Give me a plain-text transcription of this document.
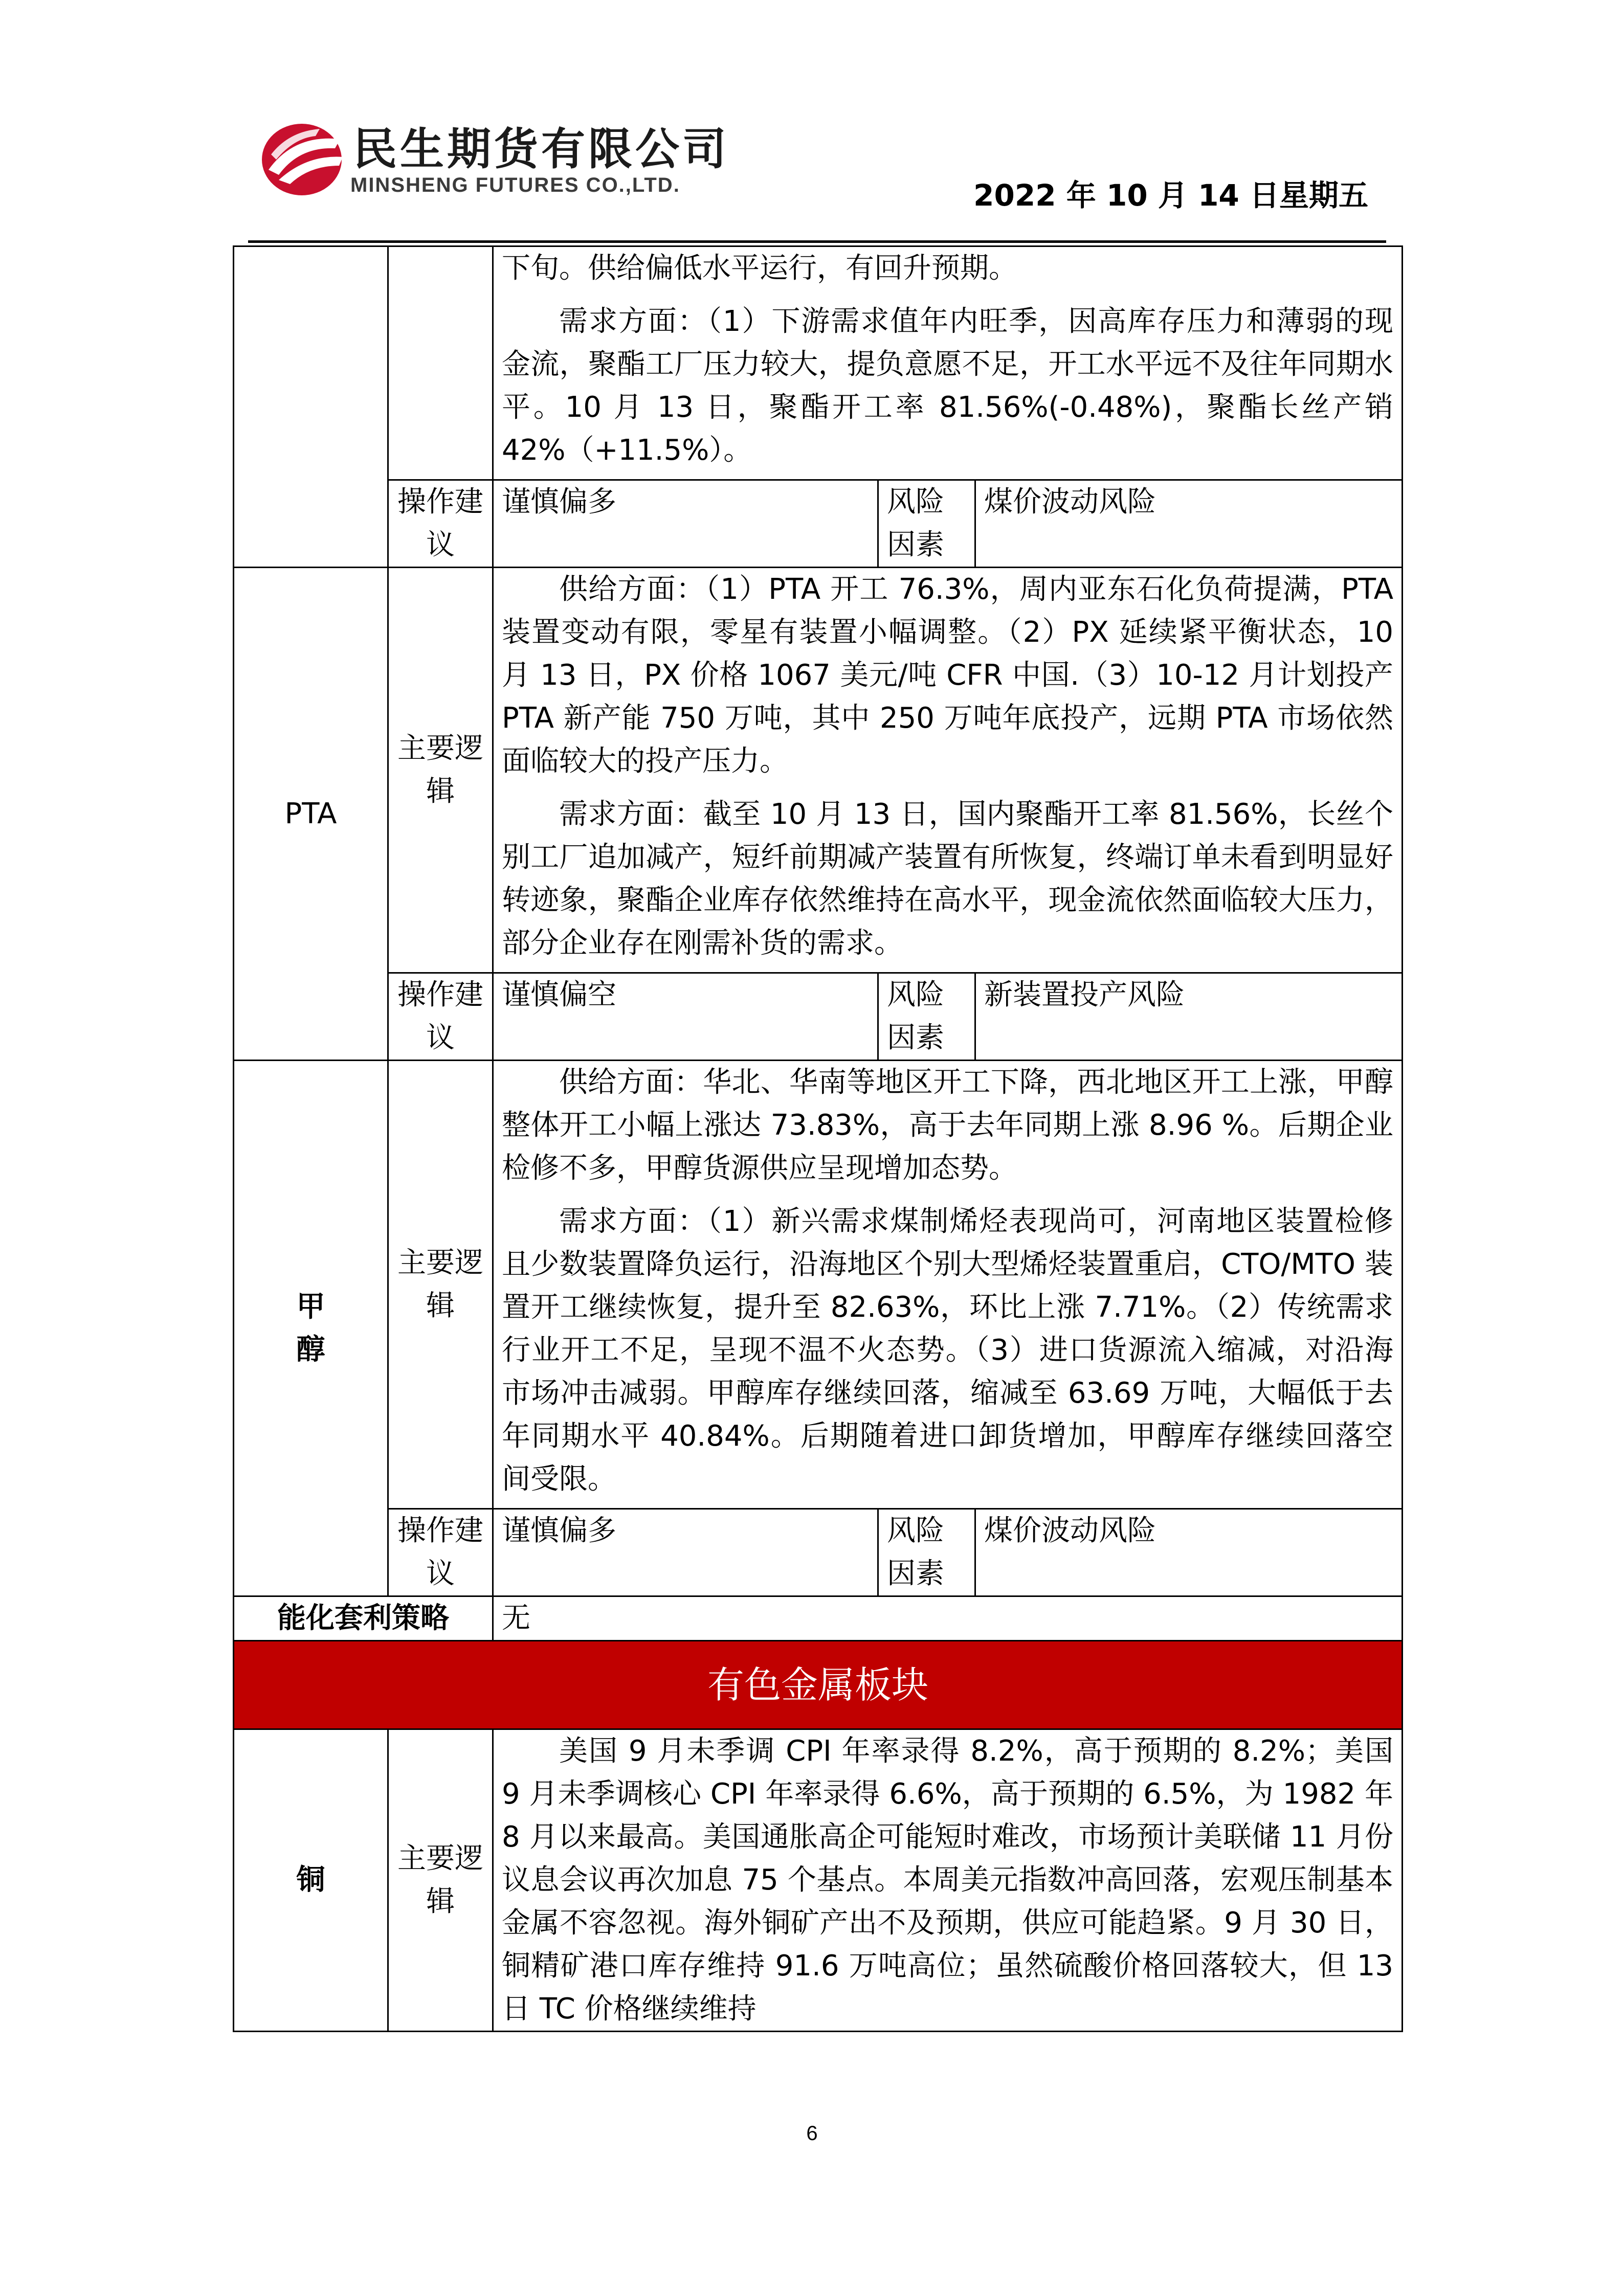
民生期货有限公司
MINSHENG FUTURES CO.,LTD.	2022 年 10 月 14 日星期五

		下旬。供给偏低水平运行，有回升预期。

需求方面：（1）下游需求值年内旺季，因高库存压力和薄弱的现金流，聚酯工厂压力较大，提负意愿不足，开工水平远不及往年同期水平。10 月 13 日，聚酯开工率 81.56%(-0.48%)，聚酯长丝产销 42%（+11.5%）。		

	操作建议	谨慎偏多	风险因素	煤价波动风险
PTA	主要逻辑	供给方面：（1）PTA 开工 76.3%，周内亚东石化负荷提满，PTA 装置变动有限，零星有装置小幅调整。（2）PX 延续紧平衡状态，10 月 13 日，PX 价格 1067 美元/吨 CFR 中国.（3）10-12 月计划投产 PTA 新产能 750 万吨，其中 250 万吨年底投产，远期 PTA 市场依然面临较大的投产压力。

需求方面：截至 10 月 13 日，国内聚酯开工率 81.56%，长丝个别工厂追加减产，短纤前期减产装置有所恢复，终端订单未看到明显好转迹象，聚酯企业库存依然维持在高水平，现金流依然面临较大压力，部分企业存在刚需补货的需求。		

	操作建议	谨慎偏空	风险因素	新装置投产风险
甲醇	主要逻辑	供给方面：华北、华南等地区开工下降，西北地区开工上涨，甲醇整体开工小幅上涨达 73.83%，高于去年同期上涨 8.96 %。后期企业检修不多，甲醇货源供应呈现增加态势。

需求方面：（1）新兴需求煤制烯烃表现尚可，河南地区装置检修且少数装置降负运行，沿海地区个别大型烯烃装置重启，CTO/MTO 装置开工继续恢复，提升至 82.63%，环比上涨 7.71%。（2）传统需求行业开工不足，呈现不温不火态势。（3）进口货源流入缩减，对沿海市场冲击减弱。甲醇库存继续回落，缩减至 63.69 万吨，大幅低于去年同期水平 40.84%。后期随着进口卸货增加，甲醇库存继续回落空间受限。		

	操作建议	谨慎偏多	风险因素	煤价波动风险
能化套利策略		无		
有色金属板块				
铜	主要逻辑	美国 9 月未季调 CPI 年率录得 8.2%，高于预期的 8.2%；美国 9 月未季调核心 CPI 年率录得 6.6%，高于预期的 6.5%，为 1982 年 8 月以来最高。美国通胀高企可能短时难改，市场预计美联储 11 月份议息会议再次加息 75 个基点。本周美元指数冲高回落，宏观压制基本金属不容忽视。海外铜矿产出不及预期，供应可能趋紧。9 月 30 日，铜精矿港口库存维持 91.6 万吨高位；虽然硫酸价格回落较大，但 13 日 TC 价格继续维持		

6
